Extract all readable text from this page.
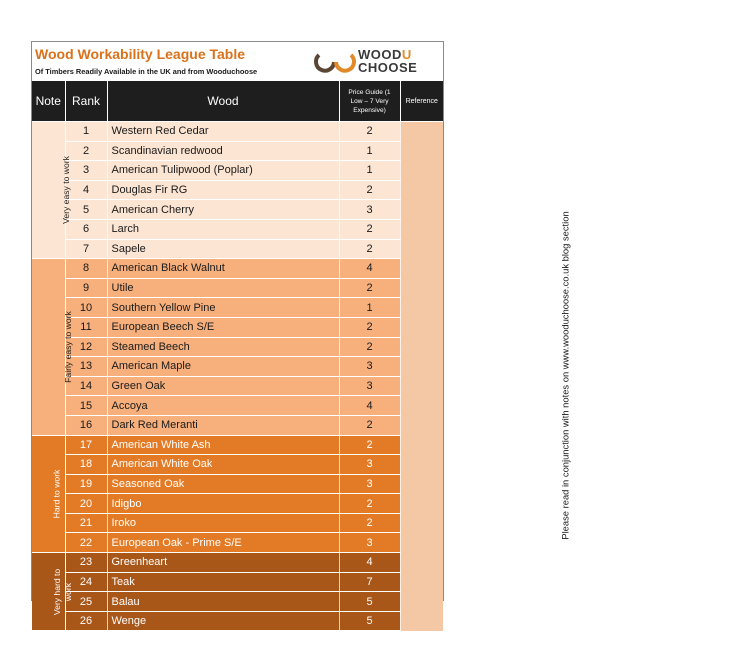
Wood Workability League Table
Of Timbers Readily Available in the UK and from Wooduchoose
WOODU
CHOOSE
Note	Rank	Wood	Price Guide (1 Low – 7 Very Expensive)	Reference
Very easy to work	1	Western Red Cedar	2	Please read in conjunction with notes on www.wooduchoose.co.uk blog section
	2	Scandinavian redwood	1	
	3	American Tulipwood (Poplar)	1	
	4	Douglas Fir RG	2	
	5	American Cherry	3	
	6	Larch	2	
	7	Sapele	2	
Fairly easy to work	8	American Black Walnut	4	
	9	Utile	2	
	10	Southern Yellow Pine	1	
	11	European Beech S/E	2	
	12	Steamed Beech	2	
	13	American Maple	3	
	14	Green Oak	3	
	15	Accoya	4	
	16	Dark Red Meranti	2	
Hard to work	17	American White Ash	2	
	18	American White Oak	3	
	19	Seasoned Oak	3	
	20	Idigbo	2	
	21	Iroko	2	
	22	European Oak - Prime S/E	3	
Very hard to work	23	Greenheart	4	
	24	Teak	7	
	25	Balau	5	
	26	Wenge	5	
